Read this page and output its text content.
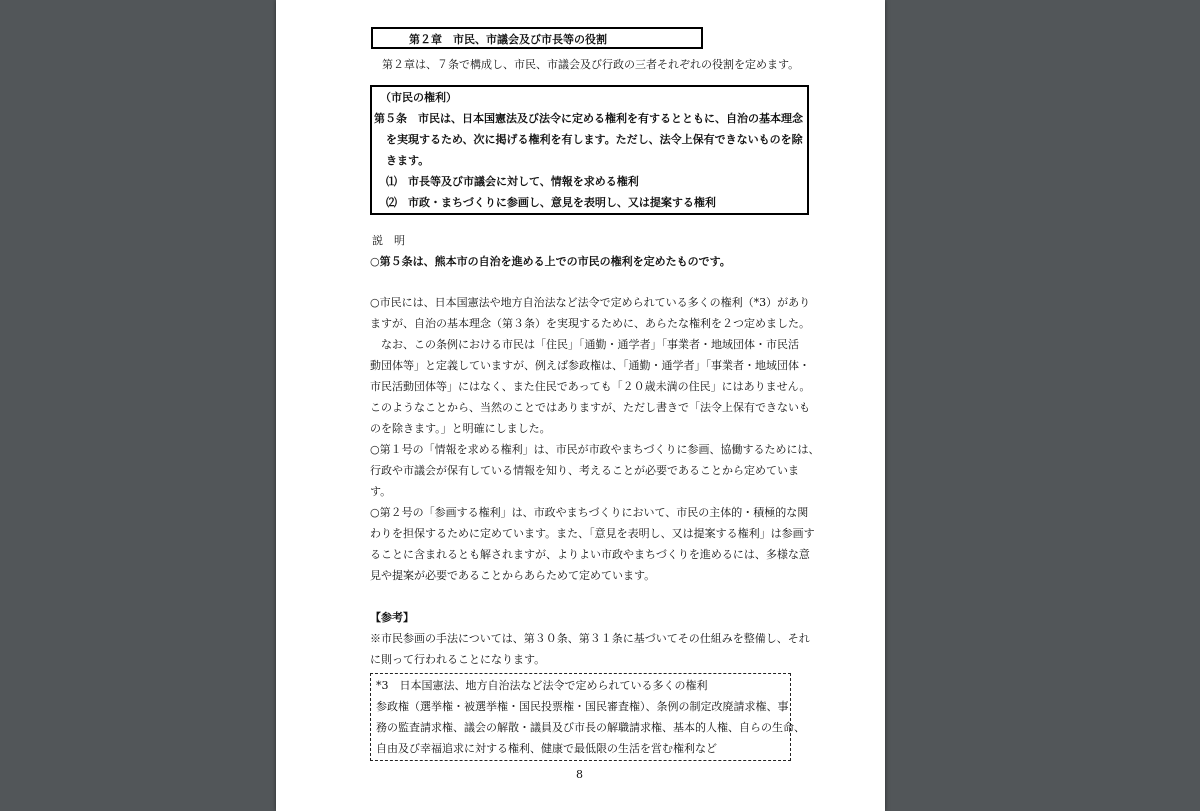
第２章　市民、市議会及び市長等の役割
第２章は、７条で構成し、市民、市議会及び行政の三者それぞれの役割を定めます。
（市民の権利）
第５条　市民は、日本国憲法及び法令に定める権利を有するとともに、自治の基本理念
を実現するため、次に掲げる権利を有します。ただし、法令上保有できないものを除
きます。
⑴　市長等及び市議会に対して、情報を求める権利
⑵　市政・まちづくりに参画し、意見を表明し、又は提案する権利
説　明
○第５条は、熊本市の自治を進める上での市民の権利を定めたものです。
○市民には、日本国憲法や地方自治法など法令で定められている多くの権利（*3）があり
ますが、自治の基本理念（第３条）を実現するために、あらたな権利を２つ定めました。
　なお、この条例における市民は「住民」「通勤・通学者」「事業者・地域団体・市民活
動団体等」と定義していますが、例えば参政権は、「通勤・通学者」「事業者・地域団体・
市民活動団体等」にはなく、また住民であっても「２０歳未満の住民」にはありません。
このようなことから、当然のことではありますが、ただし書きで「法令上保有できないも
のを除きます。」と明確にしました。
○第１号の「情報を求める権利」は、市民が市政やまちづくりに参画、協働するためには、
行政や市議会が保有している情報を知り、考えることが必要であることから定めていま
す。
○第２号の「参画する権利」は、市政やまちづくりにおいて、市民の主体的・積極的な関
わりを担保するために定めています。また、「意見を表明し、又は提案する権利」は参画す
ることに含まれるとも解されますが、よりよい市政やまちづくりを進めるには、多様な意
見や提案が必要であることからあらためて定めています。
【参考】
※市民参画の手法については、第３０条、第３１条に基づいてその仕組みを整備し、それ
に則って行われることになります。
*3　日本国憲法、地方自治法など法令で定められている多くの権利
参政権（選挙権・被選挙権・国民投票権・国民審査権）、条例の制定改廃請求権、事
務の監査請求権、議会の解散・議員及び市長の解職請求権、基本的人権、自らの生命、
自由及び幸福追求に対する権利、健康で最低限の生活を営む権利など
8
